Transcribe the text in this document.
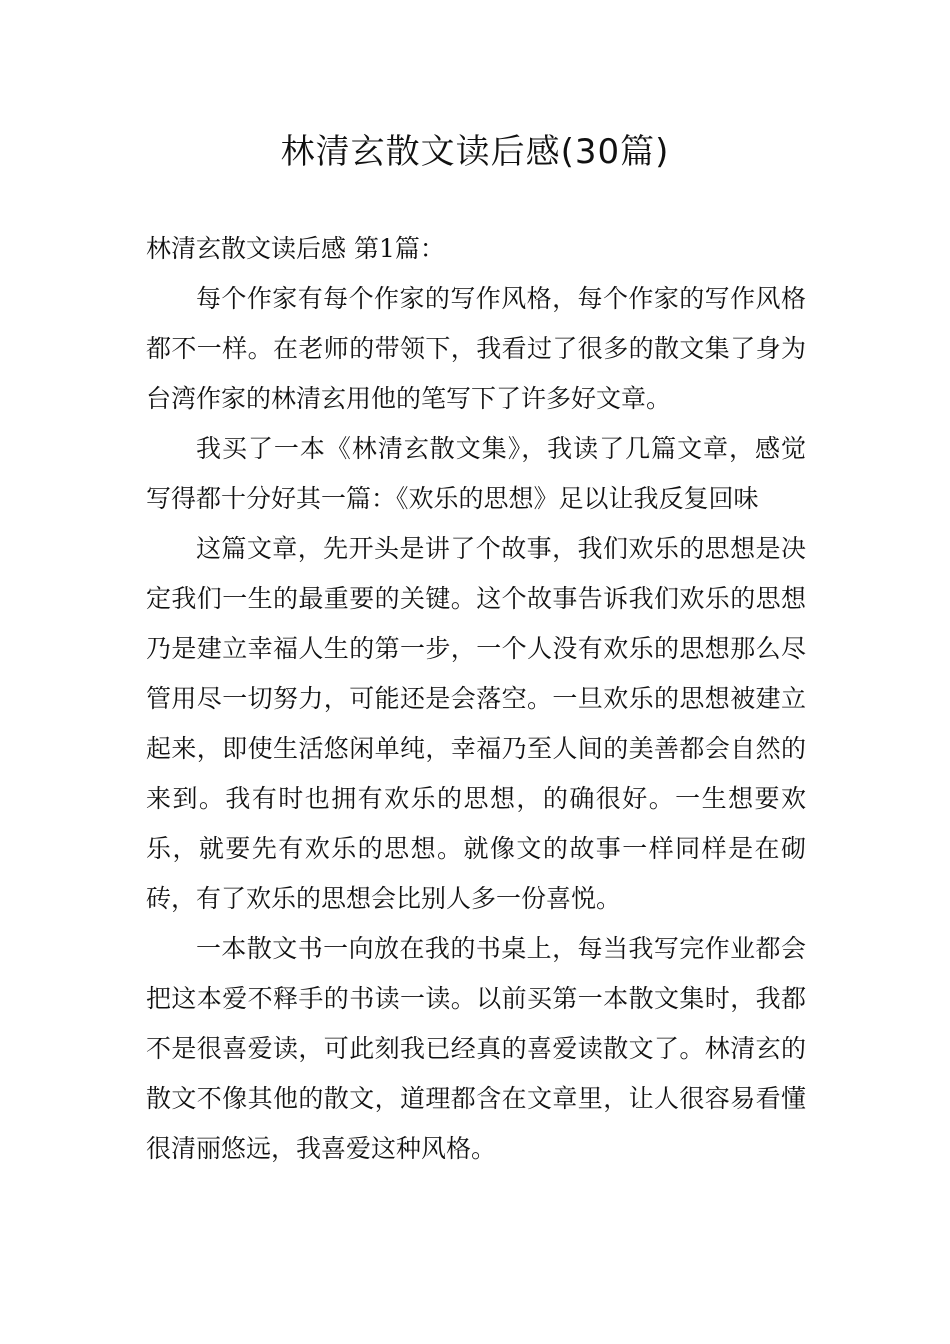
林清玄散文读后感(30篇)

林清玄散文读后感 第1篇：

每个作家有每个作家的写作风格，每个作家的写作风格都不一样。在老师的带领下，我看过了很多的散文集了身为台湾作家的林清玄用他的笔写下了许多好文章。

我买了一本《林清玄散文集》，我读了几篇文章，感觉写得都十分好其一篇：《欢乐的思想》足以让我反复回味

这篇文章，先开头是讲了个故事，我们欢乐的思想是决定我们一生的最重要的关键。这个故事告诉我们欢乐的思想乃是建立幸福人生的第一步，一个人没有欢乐的思想那么尽管用尽一切努力，可能还是会落空。一旦欢乐的思想被建立起来，即使生活悠闲单纯，幸福乃至人间的美善都会自然的来到。我有时也拥有欢乐的思想，的确很好。一生想要欢乐，就要先有欢乐的思想。就像文的故事一样同样是在砌砖，有了欢乐的思想会比别人多一份喜悦。

一本散文书一向放在我的书桌上，每当我写完作业都会把这本爱不释手的书读一读。以前买第一本散文集时，我都不是很喜爱读，可此刻我已经真的喜爱读散文了。林清玄的散文不像其他的散文，道理都含在文章里，让人很容易看懂很清丽悠远，我喜爱这种风格。
